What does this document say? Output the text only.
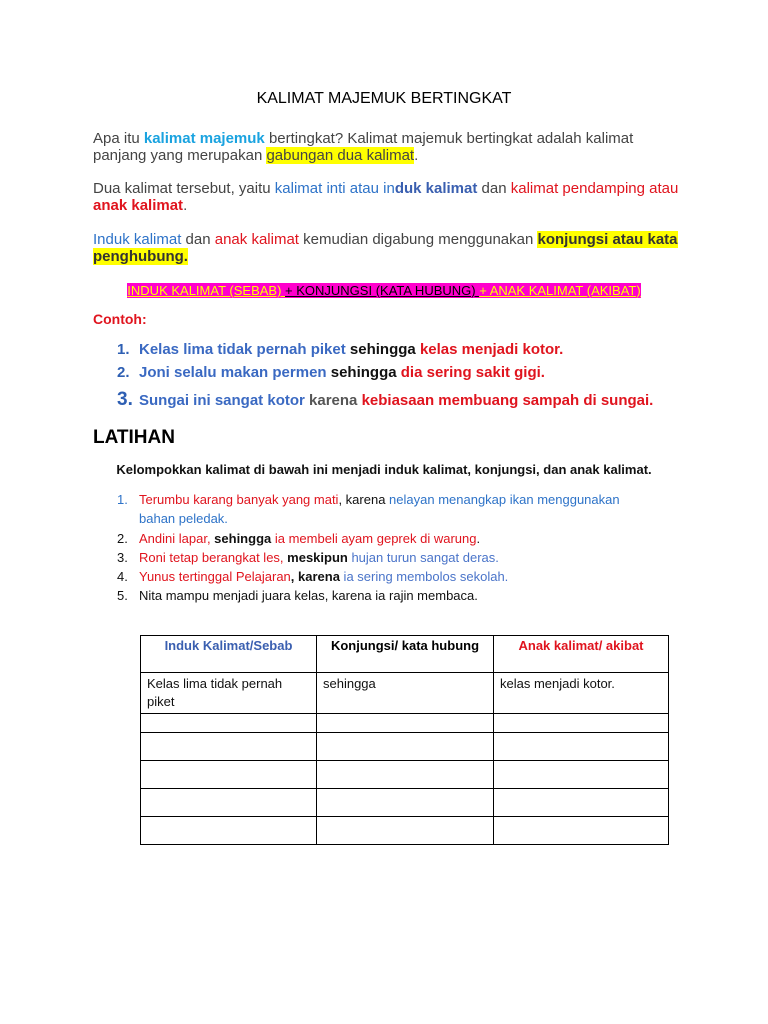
KALIMAT MAJEMUK BERTINGKAT
Apa itu kalimat majemuk bertingkat? Kalimat majemuk bertingkat adalah kalimat panjang yang merupakan gabungan dua kalimat.
Dua kalimat tersebut, yaitu kalimat inti atau induk kalimat dan kalimat pendamping atau anak kalimat.
Induk kalimat dan anak kalimat kemudian digabung menggunakan konjungsi atau kata penghubung.
INDUK KALIMAT (SEBAB) + KONJUNGSI (KATA HUBUNG) + ANAK KALIMAT (AKIBAT)
Contoh:
1. Kelas lima tidak pernah piket sehingga kelas menjadi kotor.
2. Joni selalu makan permen sehingga dia sering sakit gigi.
3. Sungai ini sangat kotor karena kebiasaan membuang sampah di sungai.
LATIHAN
Kelompokkan kalimat di bawah ini menjadi induk kalimat, konjungsi, dan anak kalimat.
1. Terumbu karang banyak yang mati, karena nelayan menangkap ikan menggunakan
bahan peledak.
2. Andini lapar, sehingga ia membeli ayam geprek di warung.
3. Roni tetap berangkat les, meskipun hujan turun sangat deras.
4. Yunus tertinggal Pelajaran, karena ia sering membolos sekolah.
5. Nita mampu menjadi juara kelas, karena ia rajin membaca.
Induk Kalimat/Sebab	Konjungsi/ kata hubung	Anak kalimat/ akibat
Kelas lima tidak pernah piket	sehingga	kelas menjadi kotor.
